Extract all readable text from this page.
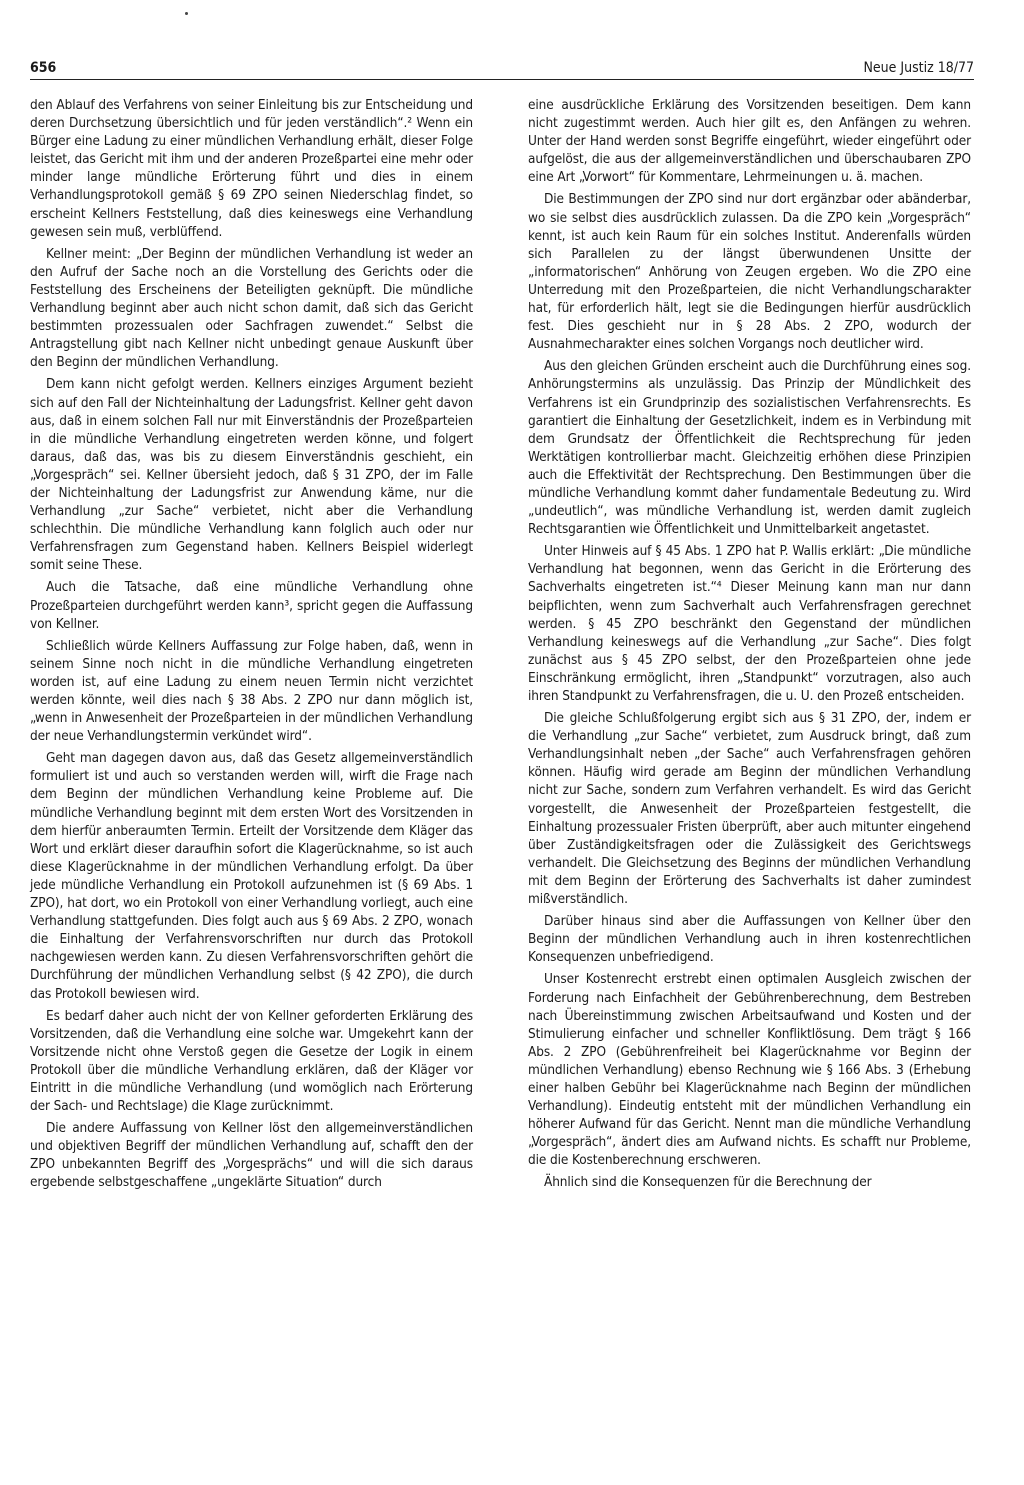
656	Neue Justiz 18/77

den Ablauf des Verfahrens von seiner Einleitung bis zur Entscheidung und deren Durchsetzung übersichtlich und für jeden verständlich“.² Wenn ein Bürger eine Ladung zu einer mündlichen Verhandlung erhält, dieser Folge leistet, das Gericht mit ihm und der anderen Prozeßpartei eine mehr oder minder lange mündliche Erörterung führt und dies in einem Verhandlungsprotokoll gemäß § 69 ZPO seinen Niederschlag findet, so erscheint Kellners Feststellung, daß dies keineswegs eine Verhandlung gewesen sein muß, verblüffend.

Kellner meint: „Der Beginn der mündlichen Verhandlung ist weder an den Aufruf der Sache noch an die Vorstellung des Gerichts oder die Feststellung des Erscheinens der Beteiligten geknüpft. Die mündliche Verhandlung beginnt aber auch nicht schon damit, daß sich das Gericht bestimmten prozessualen oder Sachfragen zuwendet.“ Selbst die Antragstellung gibt nach Kellner nicht unbedingt genaue Auskunft über den Beginn der mündlichen Verhandlung.

Dem kann nicht gefolgt werden. Kellners einziges Argument bezieht sich auf den Fall der Nichteinhaltung der Ladungsfrist. Kellner geht davon aus, daß in einem solchen Fall nur mit Einverständnis der Prozeßparteien in die mündliche Verhandlung eingetreten werden könne, und folgert daraus, daß das, was bis zu diesem Einverständnis geschieht, ein „Vorgespräch“ sei. Kellner übersieht jedoch, daß § 31 ZPO, der im Falle der Nichteinhaltung der Ladungsfrist zur Anwendung käme, nur die Verhandlung „zur Sache“ verbietet, nicht aber die Verhandlung schlechthin. Die mündliche Verhandlung kann folglich auch oder nur Verfahrensfragen zum Gegenstand haben. Kellners Beispiel widerlegt somit seine These.

Auch die Tatsache, daß eine mündliche Verhandlung ohne Prozeßparteien durchgeführt werden kann³, spricht gegen die Auffassung von Kellner.

Schließlich würde Kellners Auffassung zur Folge haben, daß, wenn in seinem Sinne noch nicht in die mündliche Verhandlung eingetreten worden ist, auf eine Ladung zu einem neuen Termin nicht verzichtet werden könnte, weil dies nach § 38 Abs. 2 ZPO nur dann möglich ist, „wenn in Anwesenheit der Prozeßparteien in der mündlichen Verhandlung der neue Verhandlungstermin verkündet wird“.

Geht man dagegen davon aus, daß das Gesetz allgemeinverständlich formuliert ist und auch so verstanden werden will, wirft die Frage nach dem Beginn der mündlichen Verhandlung keine Probleme auf. Die mündliche Verhandlung beginnt mit dem ersten Wort des Vorsitzenden in dem hierfür anberaumten Termin. Erteilt der Vorsitzende dem Kläger das Wort und erklärt dieser daraufhin sofort die Klagerücknahme, so ist auch diese Klagerücknahme in der mündlichen Verhandlung erfolgt. Da über jede mündliche Verhandlung ein Protokoll aufzunehmen ist (§ 69 Abs. 1 ZPO), hat dort, wo ein Protokoll von einer Verhandlung vorliegt, auch eine Verhandlung stattgefunden. Dies folgt auch aus § 69 Abs. 2 ZPO, wonach die Einhaltung der Verfahrensvorschriften nur durch das Protokoll nachgewiesen werden kann. Zu diesen Verfahrensvorschriften gehört die Durchführung der mündlichen Verhandlung selbst (§ 42 ZPO), die durch das Protokoll bewiesen wird.

Es bedarf daher auch nicht der von Kellner geforderten Erklärung des Vorsitzenden, daß die Verhandlung eine solche war. Umgekehrt kann der Vorsitzende nicht ohne Verstoß gegen die Gesetze der Logik in einem Protokoll über die mündliche Verhandlung erklären, daß der Kläger vor Eintritt in die mündliche Verhandlung (und womöglich nach Erörterung der Sach- und Rechtslage) die Klage zurücknimmt.

Die andere Auffassung von Kellner löst den allgemeinverständlichen und objektiven Begriff der mündlichen Verhandlung auf, schafft den der ZPO unbekannten Begriff des „Vorgesprächs“ und will die sich daraus ergebende selbstgeschaffene „ungeklärte Situation“ durch

eine ausdrückliche Erklärung des Vorsitzenden beseitigen. Dem kann nicht zugestimmt werden. Auch hier gilt es, den Anfängen zu wehren. Unter der Hand werden sonst Begriffe eingeführt, wieder eingeführt oder aufgelöst, die aus der allgemeinverständlichen und überschaubaren ZPO eine Art „Vorwort“ für Kommentare, Lehrmeinungen u. ä. machen.

Die Bestimmungen der ZPO sind nur dort ergänzbar oder abänderbar, wo sie selbst dies ausdrücklich zulassen. Da die ZPO kein „Vorgespräch“ kennt, ist auch kein Raum für ein solches Institut. Anderenfalls würden sich Parallelen zu der längst überwundenen Unsitte der „informatorischen“ Anhörung von Zeugen ergeben. Wo die ZPO eine Unterredung mit den Prozeßparteien, die nicht Verhandlungscharakter hat, für erforderlich hält, legt sie die Bedingungen hierfür ausdrücklich fest. Dies geschieht nur in § 28 Abs. 2 ZPO, wodurch der Ausnahmecharakter eines solchen Vorgangs noch deutlicher wird.

Aus den gleichen Gründen erscheint auch die Durchführung eines sog. Anhörungstermins als unzulässig. Das Prinzip der Mündlichkeit des Verfahrens ist ein Grundprinzip des sozialistischen Verfahrensrechts. Es garantiert die Einhaltung der Gesetzlichkeit, indem es in Verbindung mit dem Grundsatz der Öffentlichkeit die Rechtsprechung für jeden Werktätigen kontrollierbar macht. Gleichzeitig erhöhen diese Prinzipien auch die Effektivität der Rechtsprechung. Den Bestimmungen über die mündliche Verhandlung kommt daher fundamentale Bedeutung zu. Wird „undeutlich“, was mündliche Verhandlung ist, werden damit zugleich Rechtsgarantien wie Öffentlichkeit und Unmittelbarkeit angetastet.

Unter Hinweis auf § 45 Abs. 1 ZPO hat P. Wallis erklärt: „Die mündliche Verhandlung hat begonnen, wenn das Gericht in die Erörterung des Sachverhalts eingetreten ist.“⁴ Dieser Meinung kann man nur dann beipflichten, wenn zum Sachverhalt auch Verfahrensfragen gerechnet werden. § 45 ZPO beschränkt den Gegenstand der mündlichen Verhandlung keineswegs auf die Verhandlung „zur Sache“. Dies folgt zunächst aus § 45 ZPO selbst, der den Prozeßparteien ohne jede Einschränkung ermöglicht, ihren „Standpunkt“ vorzutragen, also auch ihren Standpunkt zu Verfahrensfragen, die u. U. den Prozeß entscheiden.

Die gleiche Schlußfolgerung ergibt sich aus § 31 ZPO, der, indem er die Verhandlung „zur Sache“ verbietet, zum Ausdruck bringt, daß zum Verhandlungsinhalt neben „der Sache“ auch Verfahrensfragen gehören können. Häufig wird gerade am Beginn der mündlichen Verhandlung nicht zur Sache, sondern zum Verfahren verhandelt. Es wird das Gericht vorgestellt, die Anwesenheit der Prozeßparteien festgestellt, die Einhaltung prozessualer Fristen überprüft, aber auch mitunter eingehend über Zuständigkeitsfragen oder die Zulässigkeit des Gerichtswegs verhandelt. Die Gleichsetzung des Beginns der mündlichen Verhandlung mit dem Beginn der Erörterung des Sachverhalts ist daher zumindest mißverständlich.

Darüber hinaus sind aber die Auffassungen von Kellner über den Beginn der mündlichen Verhandlung auch in ihren kostenrechtlichen Konsequenzen unbefriedigend.

Unser Kostenrecht erstrebt einen optimalen Ausgleich zwischen der Forderung nach Einfachheit der Gebührenberechnung, dem Bestreben nach Übereinstimmung zwischen Arbeitsaufwand und Kosten und der Stimulierung einfacher und schneller Konfliktlösung. Dem trägt § 166 Abs. 2 ZPO (Gebührenfreiheit bei Klagerücknahme vor Beginn der mündlichen Verhandlung) ebenso Rechnung wie § 166 Abs. 3 (Erhebung einer halben Gebühr bei Klagerücknahme nach Beginn der mündlichen Verhandlung). Eindeutig entsteht mit der mündlichen Verhandlung ein höherer Aufwand für das Gericht. Nennt man die mündliche Verhandlung „Vorgespräch“, ändert dies am Aufwand nichts. Es schafft nur Probleme, die die Kostenberechnung erschweren.

Ähnlich sind die Konsequenzen für die Berechnung der
